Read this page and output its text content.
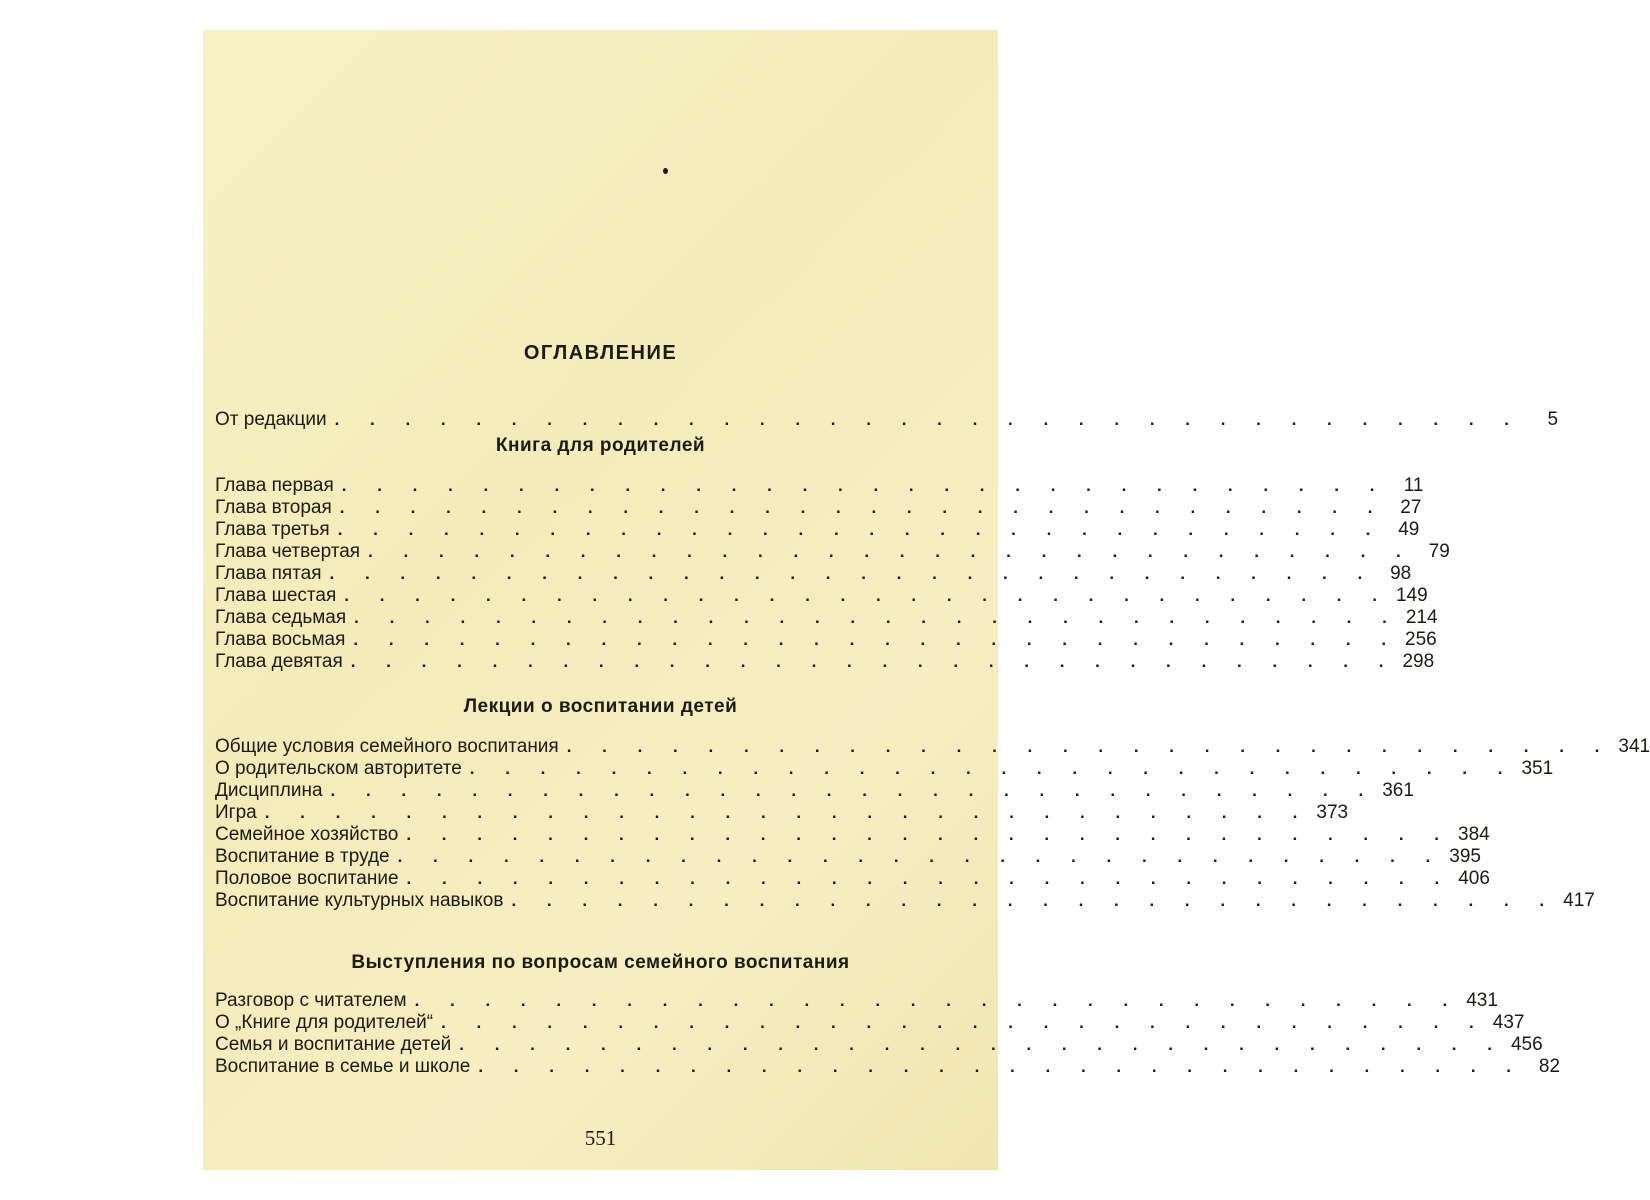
ОГЛАВЛЕНИЕ
От редакции . . . . . . . . . . . . . . . . . . . . . . . . . . . . . . . . . .	5
Книга для родителей
Глава первая . . . . . . . . . . . . . . . . . . . . . . . . . . . . . . 11
Глава вторая . . . . . . . . . . . . . . . . . . . . . . . . . . . . . . 27
Глава третья . . . . . . . . . . . . . . . . . . . . . . . . . . . . . . 49
Глава четвертая . . . . . . . . . . . . . . . . . . . . . . . . . . . . . . 79
Глава пятая . . . . . . . . . . . . . . . . . . . . . . . . . . . . . . 98
Глава шестая . . . . . . . . . . . . . . . . . . . . . . . . . . . . . . 149
Глава седьмая . . . . . . . . . . . . . . . . . . . . . . . . . . . . . . 214
Глава восьмая . . . . . . . . . . . . . . . . . . . . . . . . . . . . . . 256
Глава девятая . . . . . . . . . . . . . . . . . . . . . . . . . . . . . . 298
Лекции о воспитании детей
Общие условия семейного воспитания . . . . . . . . . . . . . . . . . . . . . . . . . . . . . . 341
О родительском авторитете . . . . . . . . . . . . . . . . . . . . . . . . . . . . . . 351
Дисциплина . . . . . . . . . . . . . . . . . . . . . . . . . . . . . . 361
Игра . . . . . . . . . . . . . . . . . . . . . . . . . . . . . . 373
Семейное хозяйство . . . . . . . . . . . . . . . . . . . . . . . . . . . . . . 384
Воспитание в труде . . . . . . . . . . . . . . . . . . . . . . . . . . . . . . 395
Половое воспитание . . . . . . . . . . . . . . . . . . . . . . . . . . . . . . 406
Воспитание культурных навыков . . . . . . . . . . . . . . . . . . . . . . . . . . . . . . 417
Выступления по вопросам семейного воспитания
Разговор с читателем . . . . . . . . . . . . . . . . . . . . . . . . . . . . . . 431
О „Книге для родителей“ . . . . . . . . . . . . . . . . . . . . . . . . . . . . . . 437
Семья и воспитание детей . . . . . . . . . . . . . . . . . . . . . . . . . . . . . . 456
Воспитание в семье и школе . . . . . . . . . . . . . . . . . . . . . . . . . . . . . . 82
551
